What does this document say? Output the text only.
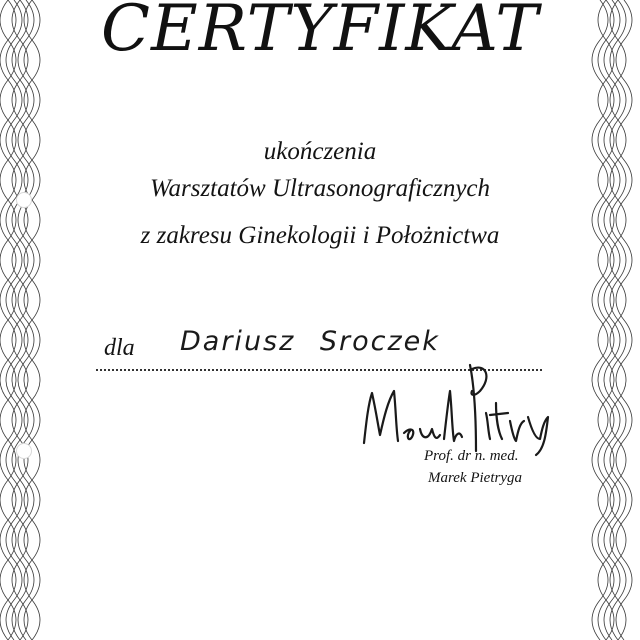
CERTYFIKAT
ukończenia
Warsztatów Ultrasonograficznych
z zakresu Ginekologii i Położnictwa
dla Dariusz Sroczek
Prof. dr n. med.
Marek Pietryga
